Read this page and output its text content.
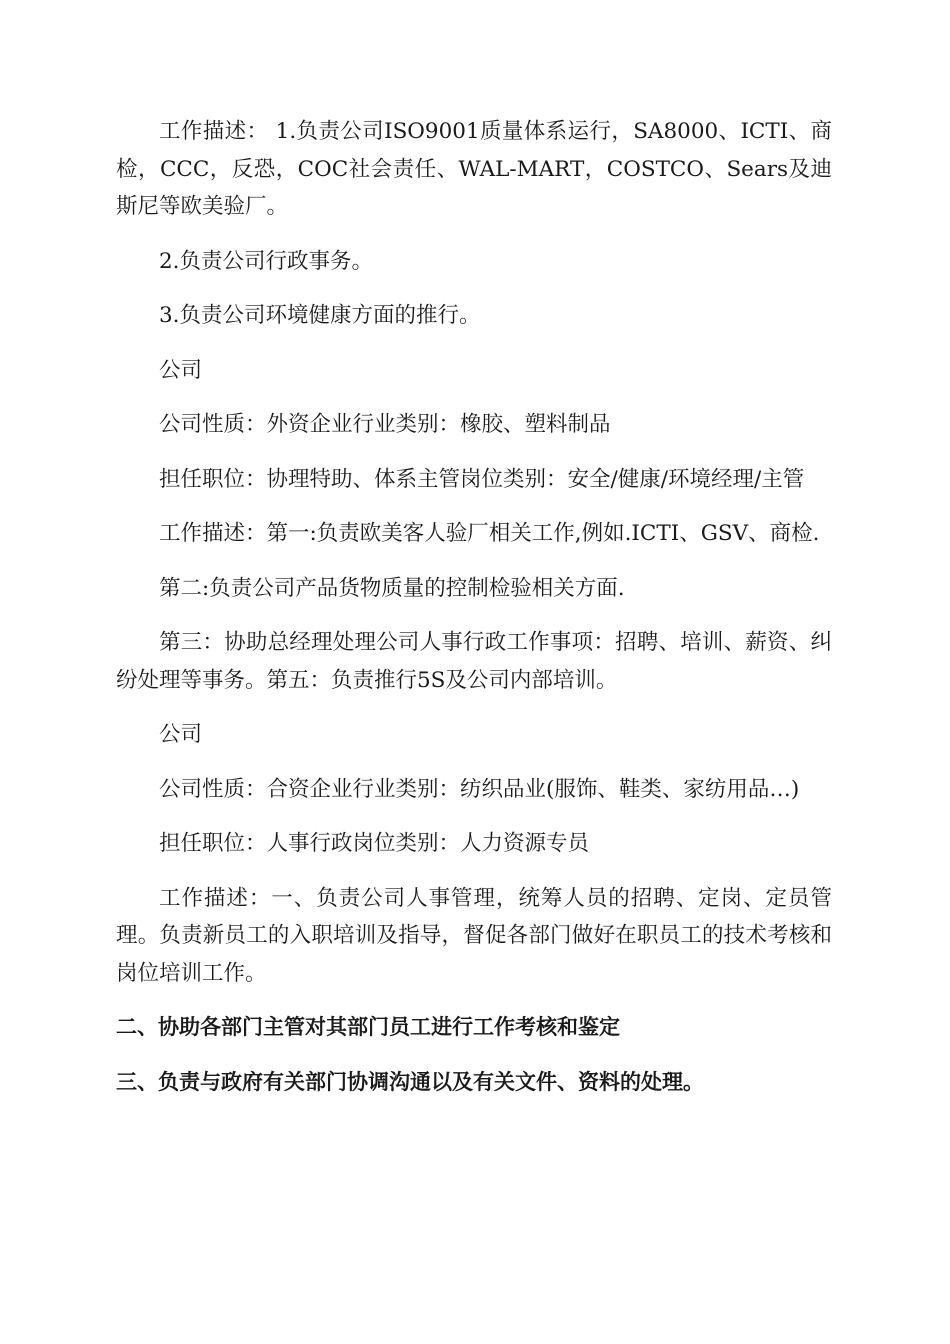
工作描述： 1.负责公司ISO9001质量体系运行，SA8000、ICTI、商检，CCC，反恐，COC社会责任、WAL-MART，COSTCO、Sears及迪斯尼等欧美验厂。

2.负责公司行政事务。

3.负责公司环境健康方面的推行。

公司

公司性质：外资企业行业类别：橡胶、塑料制品

担任职位：协理特助、体系主管岗位类别：安全/健康/环境经理/主管

工作描述：第一:负责欧美客人验厂相关工作,例如.ICTI、GSV、商检.

第二:负责公司产品货物质量的控制检验相关方面.

第三：协助总经理处理公司人事行政工作事项：招聘、培训、薪资、纠纷处理等事务。第五：负责推行5S及公司内部培训。

公司

公司性质：合资企业行业类别：纺织品业(服饰、鞋类、家纺用品…)

担任职位：人事行政岗位类别：人力资源专员

工作描述：一、负责公司人事管理，统筹人员的招聘、定岗、定员管理。负责新员工的入职培训及指导，督促各部门做好在职员工的技术考核和岗位培训工作。

二、协助各部门主管对其部门员工进行工作考核和鉴定

三、负责与政府有关部门协调沟通以及有关文件、资料的处理。
